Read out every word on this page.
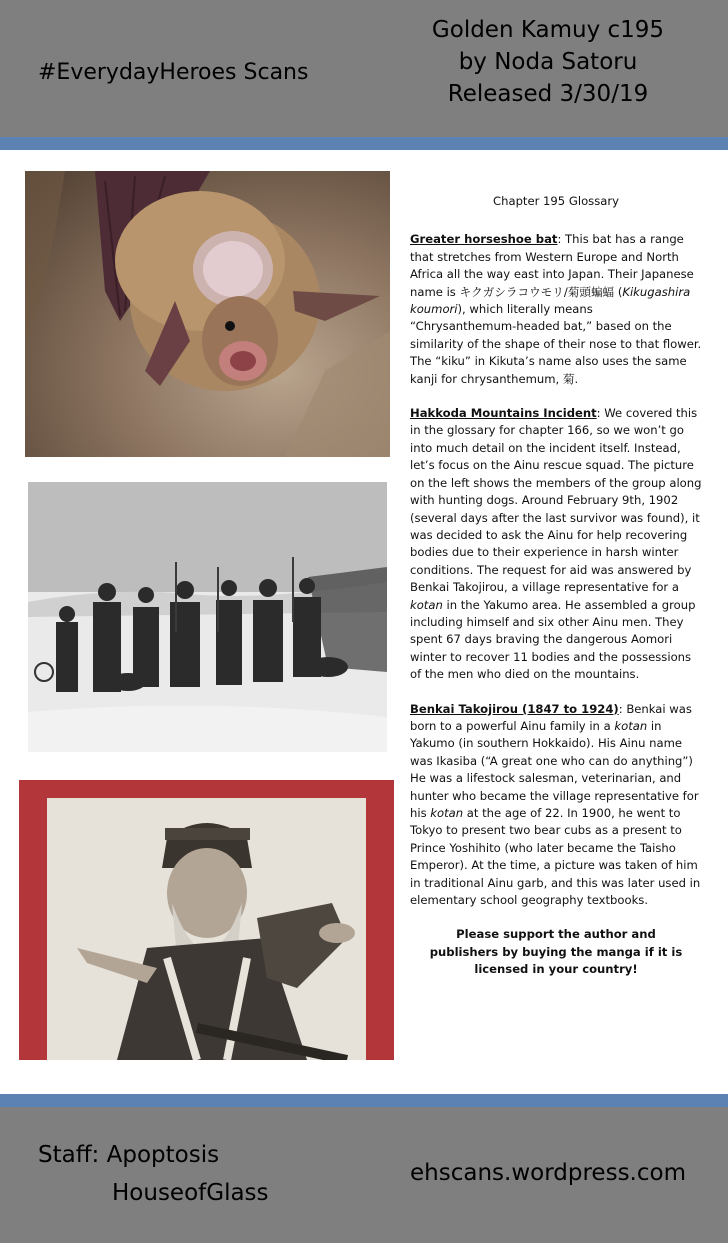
#EverydayHeroes Scans
Golden Kamuy c195
by Noda Satoru
Released 3/30/19
Chapter 195 Glossary
Greater horseshoe bat: This bat has a range that stretches from Western Europe and North Africa all the way east into Japan. Their Japanese name is キクガシラコウモリ/菊頭蝙蝠 (Kikugashira koumori), which literally means “Chrysanthemum-headed bat,” based on the similarity of the shape of their nose to that flower. The “kiku” in Kikuta’s name also uses the same kanji for chrysanthemum, 菊.
Hakkoda Mountains Incident: We covered this in the glossary for chapter 166, so we won’t go into much detail on the incident itself. Instead, let’s focus on the Ainu rescue squad. The picture on the left shows the members of the group along with hunting dogs. Around February 9th, 1902 (several days after the last survivor was found), it was decided to ask the Ainu for help recovering bodies due to their experience in harsh winter conditions. The request for aid was answered by Benkai Takojirou, a village representative for a kotan in the Yakumo area. He assembled a group including himself and six other Ainu men. They spent 67 days braving the dangerous Aomori winter to recover 11 bodies and the possessions of the men who died on the mountains.
Benkai Takojirou (1847 to 1924): Benkai was born to a powerful Ainu family in a kotan in Yakumo (in southern Hokkaido). His Ainu name was Ikasiba (“A great one who can do anything”) He was a lifestock salesman, veterinarian, and hunter who became the village representative for his kotan at the age of 22. In 1900, he went to Tokyo to present two bear cubs as a present to Prince Yoshihito (who later became the Taisho Emperor). At the time, a picture was taken of him in traditional Ainu garb, and this was later used in elementary school geography textbooks.
Please support the author and publishers by buying the manga if it is licensed in your country!
Staff: Apoptosis
HouseofGlass
ehscans.wordpress.com
